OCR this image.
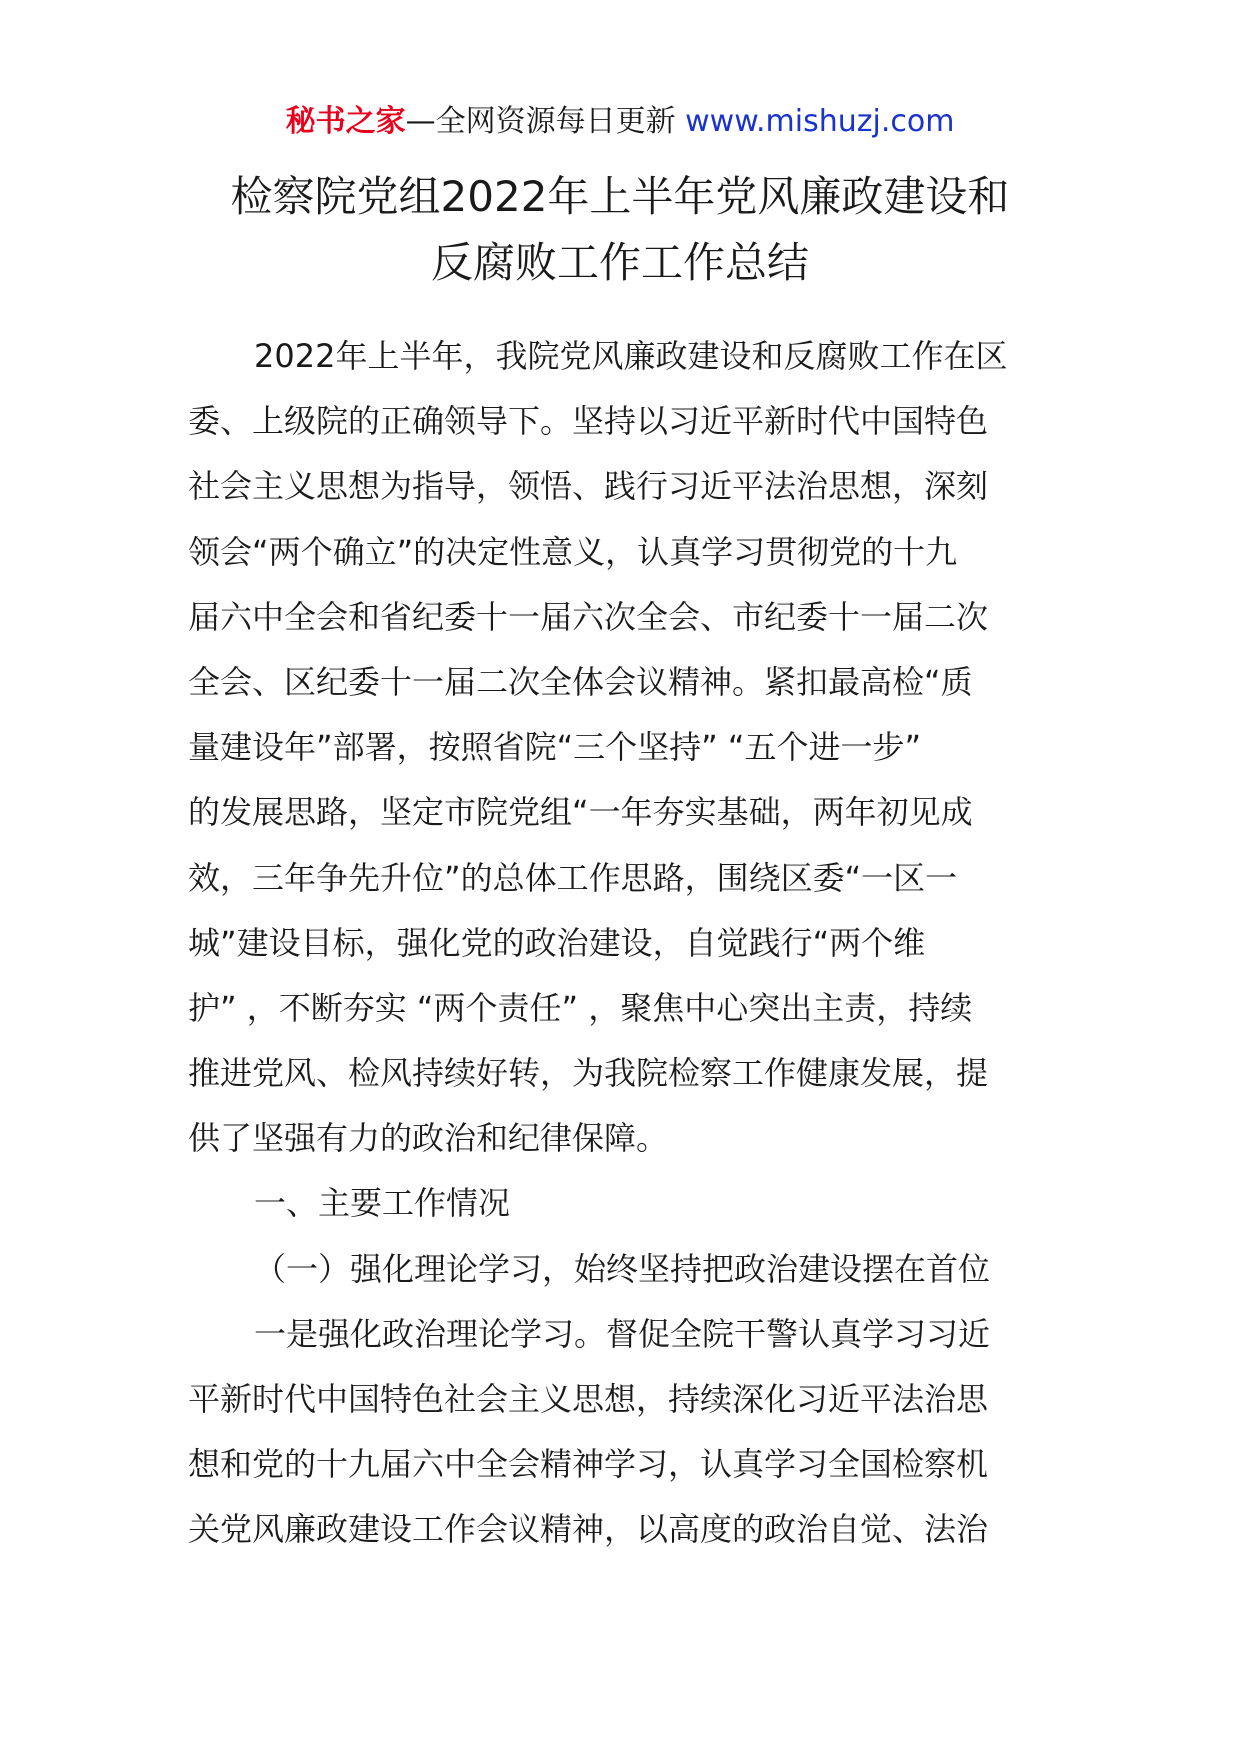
秘书之家—全网资源每日更新 www.mishuzj.com
检察院党组2022年上半年党风廉政建设和
反腐败工作工作总结
2022年上半年，我院党风廉政建设和反腐败工作在区
委、上级院的正确领导下。坚持以习近平新时代中国特色
社会主义思想为指导，领悟、践行习近平法治思想，深刻
领会“两个确立”的决定性意义，认真学习贯彻党的十九
届六中全会和省纪委十一届六次全会、市纪委十一届二次
全会、区纪委十一届二次全体会议精神。紧扣最高检“质
量建设年”部署，按照省院“三个坚持” “五个进一步”
的发展思路，坚定市院党组“一年夯实基础，两年初见成
效，三年争先升位”的总体工作思路，围绕区委“一区一
城”建设目标，强化党的政治建设，自觉践行“两个维
护” ，不断夯实 “两个责任” ，聚焦中心突出主责，持续
推进党风、检风持续好转，为我院检察工作健康发展，提
供了坚强有力的政治和纪律保障。
一、主要工作情况
（一）强化理论学习，始终坚持把政治建设摆在首位
一是强化政治理论学习。督促全院干警认真学习习近
平新时代中国特色社会主义思想，持续深化习近平法治思
想和党的十九届六中全会精神学习，认真学习全国检察机
关党风廉政建设工作会议精神，以高度的政治自觉、法治
